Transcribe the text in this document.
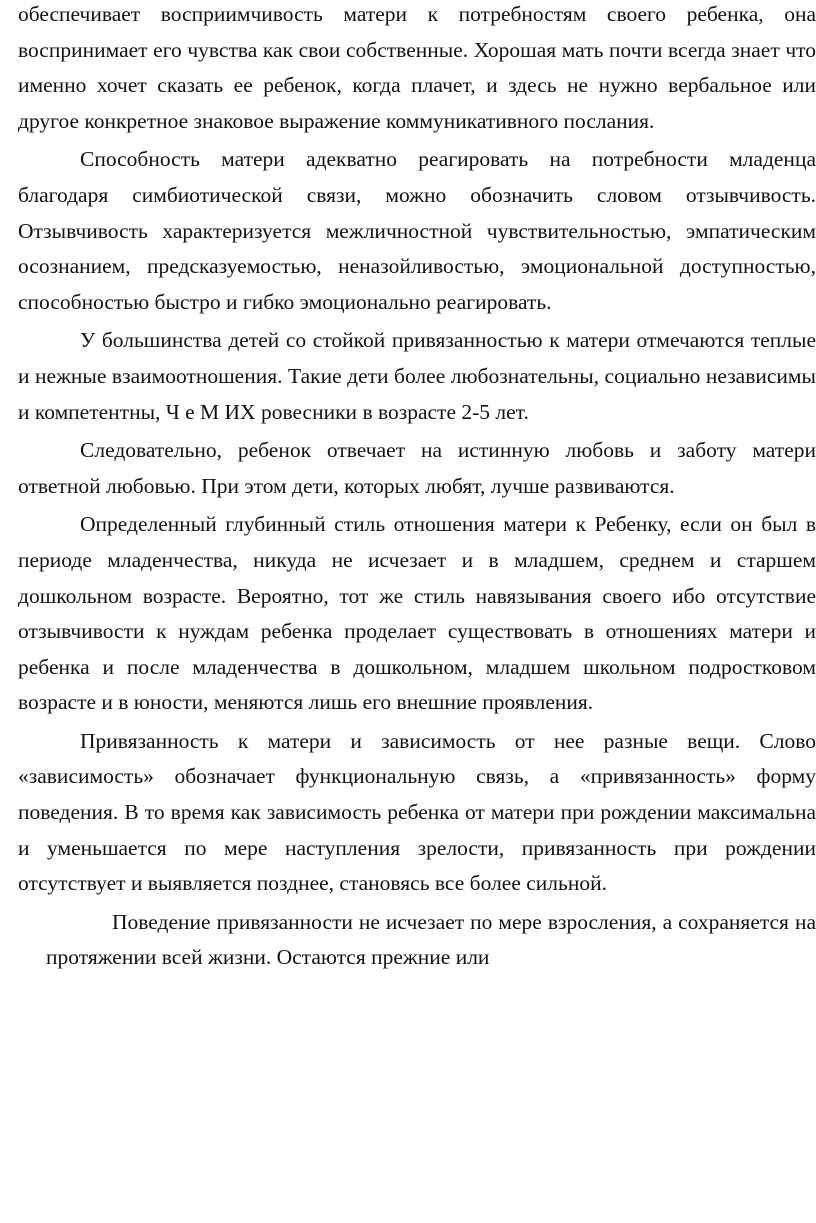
обеспечивает восприимчивость матери к потребностям своего ребенка, она воспринимает его чувства как свои собственные. Хорошая мать почти всегда знает что именно хочет сказать ее ребенок, когда плачет, и здесь не нужно вербальное или другое конкретное знаковое выражение коммуникативного послания.

Способность матери адекватно реагировать на потребности младенца благодаря симбиотической связи, можно обозначить словом отзывчивость. Отзывчивость характеризуется межличностной чувствительностью, эмпатическим осознанием, предсказуемостью, неназойливостью, эмоциональной доступностью, способностью быстро и гибко эмоционально реагировать.

У большинства детей со стойкой привязанностью к матери отмечаются теплые и нежные взаимоотношения. Такие дети более любознательны, социально независимы и компетентны, Ч е М ИХ ровесники в возрасте 2-5 лет.

Следовательно, ребенок отвечает на истинную любовь и заботу матери ответной любовью. При этом дети, которых любят, лучше развиваются.

Определенный глубинный стиль отношения матери к Ребенку, если он был в периоде младенчества, никуда не исчезает и в младшем, среднем и старшем дошкольном возрасте. Вероятно, тот же стиль навязывания своего ибо отсутствие отзывчивости к нуждам ребенка проделает существовать в отношениях матери и ребенка и после младенчества в дошкольном, младшем школьном подростковом возрасте и в юности, меняются лишь его внешние проявления.

Привязанность к матери и зависимость от нее разные вещи. Слово «зависимость» обозначает функциональную связь, а «привязанность» форму поведения. В то время как зависимость ребенка от матери при рождении максимальна и уменьшается по мере наступления зрелости, привязанность при рождении отсутствует и выявляется позднее, становясь все более сильной.

Поведение привязанности не исчезает по мере взросления, а сохраняется на протяжении всей жизни. Остаются прежние или
